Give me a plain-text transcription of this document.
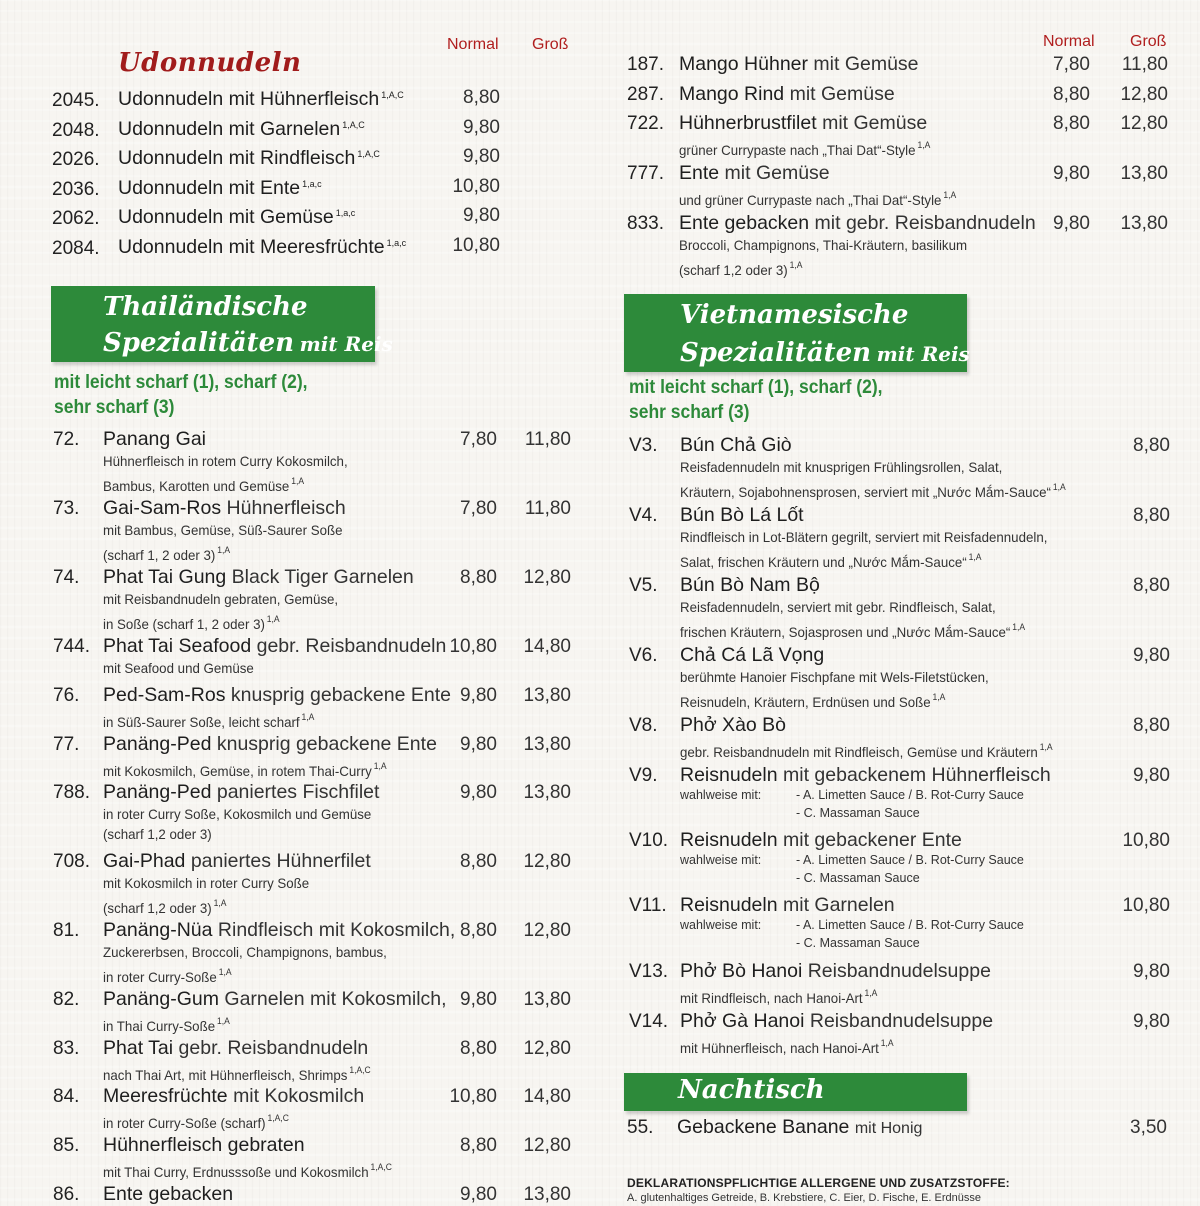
Normal Groß	Normal Groß
Udonnudeln
2045. Udonnudeln mit Hühnerfleisch $^{1,A,C}$	8,80
2048. Udonnudeln mit Garnelen $^{1,A,C}$	9,80
2026. Udonnudeln mit Rindfleisch $^{1,A,C}$	9,80
2036. Udonnudeln mit Ente $^{1,a,c}$	10,80
2062. Udonnudeln mit Gemüse $^{1,a,c}$	9,80
2084. Udonnudeln mit Meeresfrüchte $^{1,a,c}$	10,80
Thailändische
Spezialitäten mit Reis
mit leicht scharf (1), scharf (2),
sehr scharf (3)
72. Panang Gai
Hühnerfleisch in rotem Curry Kokosmilch,
Bambus, Karotten und Gemüse $^{1,A}$
7,80	11,80
73. Gai-Sam-Ros Hühnerfleisch
mit Bambus, Gemüse, Süß-Saurer Soße
(scharf 1, 2 oder 3) $^{1,A}$
7,80	11,80
74. Phat Tai Gung Black Tiger Garnelen
mit Reisbandnudeln gebraten, Gemüse,
in Soße (scharf 1, 2 oder 3) $^{1,A}$
8,80	12,80
744. Phat Tai Seafood gebr. Reisbandnudeln
mit Seafood und Gemüse
10,80	14,80
76. Ped-Sam-Ros knusprig gebackene Ente
in Süß-Saurer Soße, leicht scharf $^{1,A}$
9,80	13,80
77. Panäng-Ped knusprig gebackene Ente
mit Kokosmilch, Gemüse, in rotem Thai-Curry $^{1,A}$
9,80	13,80
788. Panäng-Ped paniertes Fischfilet
in roter Curry Soße, Kokosmilch und Gemüse
(scharf 1,2 oder 3)
9,80	13,80
708. Gai-Phad paniertes Hühnerfilet
mit Kokosmilch in roter Curry Soße
(scharf 1,2 oder 3) $^{1,A}$
8,80	12,80
81. Panäng-Nüa Rindfleisch mit Kokosmilch,
Zuckererbsen, Broccoli, Champignons, bambus,
in roter Curry-Soße $^{1,A}$
8,80	12,80
82. Panäng-Gum Garnelen mit Kokosmilch,
in Thai Curry-Soße $^{1,A}$
9,80	13,80
83. Phat Tai gebr. Reisbandnudeln
nach Thai Art, mit Hühnerfleisch, Shrimps $^{1,A,C}$
8,80	12,80
84. Meeresfrüchte mit Kokosmilch
in roter Curry-Soße (scharf) $^{1,A,C}$
10,80	14,80
85. Hühnerfleisch gebraten
mit Thai Curry, Erdnusssoße und Kokosmilch $^{1,A,C}$
8,80	12,80
86. Ente gebacken	9,80	13,80
187. Mango Hühner mit Gemüse	7,80	11,80
287. Mango Rind mit Gemüse	8,80	12,80
722. Hühnerbrustfilet mit Gemüse
grüner Currypaste nach „Thai Dat“-Style $^{1,A}$
8,80	12,80
777. Ente mit Gemüse
und grüner Currypaste nach „Thai Dat“-Style $^{1,A}$
9,80	13,80
833. Ente gebacken mit gebr. Reisbandnudeln
Broccoli, Champignons, Thai-Kräutern, basilikum
(scharf 1,2 oder 3) $^{1,A}$
9,80	13,80
Vietnamesische
Spezialitäten mit Reis
mit leicht scharf (1), scharf (2),
sehr scharf (3)
V3. Bún Chả Giò
Reisfadennudeln mit knusprigen Frühlingsrollen, Salat,
Kräutern, Sojabohnensprosen, serviert mit „Nước Mắm-Sauce“ $^{1,A}$
8,80
V4. Bún Bò Lá Lốt
Rindfleisch in Lot-Blätern gegrilt, serviert mit Reisfadennudeln,
Salat, frischen Kräutern und „Nước Mắm-Sauce“ $^{1,A}$
8,80
V5. Bún Bò Nam Bộ
Reisfadennudeln, serviert mit gebr. Rindfleisch, Salat,
frischen Kräutern, Sojasprosen und „Nước Mắm-Sauce“ $^{1,A}$
8,80
V6. Chả Cá Lã Vọng
berühmte Hanoier Fischpfane mit Wels-Filetstücken,
Reisnudeln, Kräutern, Erdnüsen und Soße $^{1,A}$
9,80
V8. Phở Xào Bò
gebr. Reisbandnudeln mit Rindfleisch, Gemüse und Kräutern $^{1,A}$
8,80
V9. Reisnudeln mit gebackenem Hühnerfleisch	9,80
wahlweise mit:	- A. Limetten Sauce / B. Rot-Curry Sauce
- C. Massaman Sauce
V10. Reisnudeln mit gebackener Ente	10,80
wahlweise mit:	- A. Limetten Sauce / B. Rot-Curry Sauce
- C. Massaman Sauce
V11. Reisnudeln mit Garnelen	10,80
wahlweise mit:	- A. Limetten Sauce / B. Rot-Curry Sauce
- C. Massaman Sauce
V13. Phở Bò Hanoi Reisbandnudelsuppe
mit Rindfleisch, nach Hanoi-Art $^{1,A}$
9,80
V14. Phở Gà Hanoi Reisbandnudelsuppe
mit Hühnerfleisch, nach Hanoi-Art $^{1,A}$
9,80
Nachtisch
55. Gebackene Banane mit Honig	3,50
DEKLARATIONSPFLICHTIGE ALLERGENE UND ZUSATZSTOFFE:
A. glutenhaltiges Getreide, B. Krebstiere, C. Eier, D. Fische, E. Erdnüsse
